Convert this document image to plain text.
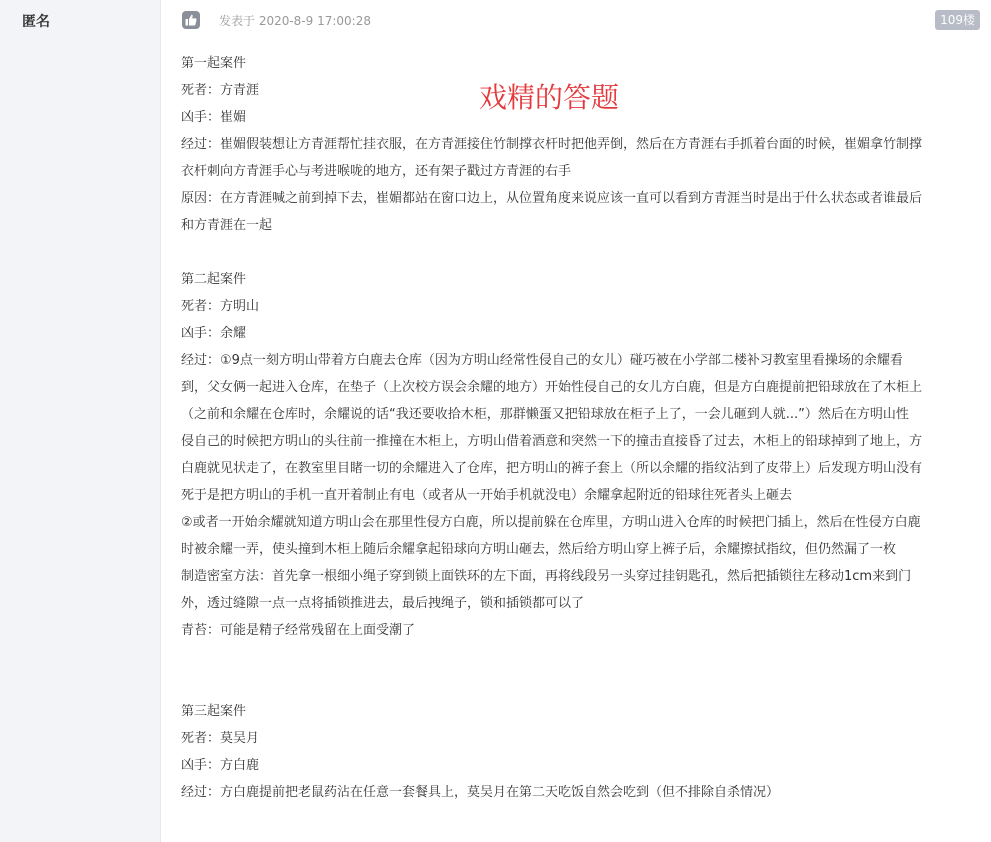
匿名	发表于 2020-8-9 17:00:28	109楼
第一起案件
死者：方青涯
凶手：崔媚
经过：崔媚假装想让方青涯帮忙挂衣服，在方青涯接住竹制撑衣杆时把他弄倒，然后在方青涯右手抓着台面的时候，崔媚拿竹制撑
衣杆刺向方青涯手心与考进喉咙的地方，还有架子戳过方青涯的右手
原因：在方青涯喊之前到掉下去，崔媚都站在窗口边上，从位置角度来说应该一直可以看到方青涯当时是出于什么状态或者谁最后
和方青涯在一起
第二起案件
死者：方明山
凶手：余耀
经过：①9点一刻方明山带着方白鹿去仓库（因为方明山经常性侵自己的女儿）碰巧被在小学部二楼补习教室里看操场的余耀看
到，父女俩一起进入仓库，在垫子（上次校方误会余耀的地方）开始性侵自己的女儿方白鹿，但是方白鹿提前把铅球放在了木柜上
（之前和余耀在仓库时，余耀说的话“我还要收拾木柜，那群懒蛋又把铅球放在柜子上了，一会儿砸到人就...”）然后在方明山性
侵自己的时候把方明山的头往前一推撞在木柜上，方明山借着酒意和突然一下的撞击直接昏了过去，木柜上的铅球掉到了地上，方
白鹿就见状走了，在教室里目睹一切的余耀进入了仓库，把方明山的裤子套上（所以余耀的指纹沾到了皮带上）后发现方明山没有
死于是把方明山的手机一直开着制止有电（或者从一开始手机就没电）余耀拿起附近的铅球往死者头上砸去
②或者一开始余耀就知道方明山会在那里性侵方白鹿，所以提前躲在仓库里，方明山进入仓库的时候把门插上，然后在性侵方白鹿
时被余耀一弄，使头撞到木柜上随后余耀拿起铅球向方明山砸去，然后给方明山穿上裤子后，余耀擦拭指纹，但仍然漏了一枚
制造密室方法：首先拿一根细小绳子穿到锁上面铁环的左下面，再将线段另一头穿过挂钥匙孔，然后把插锁往左移动1cm来到门
外，透过缝隙一点一点将插锁推进去，最后拽绳子，锁和插锁都可以了
青苔：可能是精子经常残留在上面受潮了
第三起案件
死者：莫吴月
凶手：方白鹿
经过：方白鹿提前把老鼠药沾在任意一套餐具上，莫吴月在第二天吃饭自然会吃到（但不排除自杀情况）
戏精的答题
